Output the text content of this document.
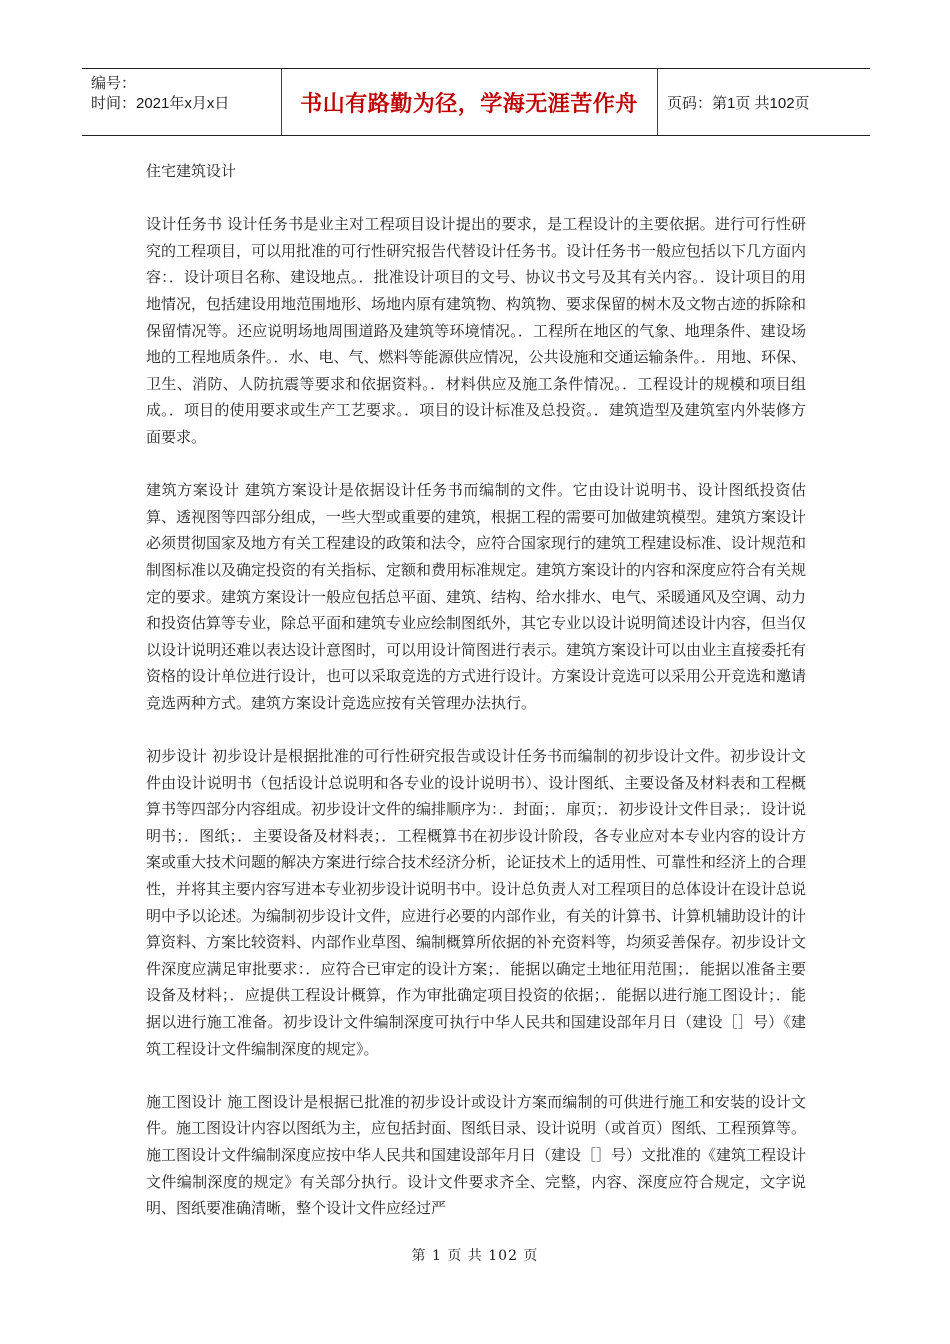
编号：
时间：2021年x月x日	书山有路勤为径，学海无涯苦作舟	页码：第1页 共102页

住宅建筑设计

设计任务书 设计任务书是业主对工程项目设计提出的要求，是工程设计的主要依据。进行可行性研究的工程项目，可以用批准的可行性研究报告代替设计任务书。设计任务书一般应包括以下几方面内容：．设计项目名称、建设地点。．批准设计项目的文号、协议书文号及其有关内容。．设计项目的用地情况，包括建设用地范围地形、场地内原有建筑物、构筑物、要求保留的树木及文物古迹的拆除和保留情况等。还应说明场地周围道路及建筑等环境情况。．工程所在地区的气象、地理条件、建设场地的工程地质条件。．水、电、气、燃料等能源供应情况，公共设施和交通运输条件。．用地、环保、卫生、消防、人防抗震等要求和依据资料。．材料供应及施工条件情况。．工程设计的规模和项目组成。．项目的使用要求或生产工艺要求。．项目的设计标准及总投资。．建筑造型及建筑室内外装修方面要求。

建筑方案设计 建筑方案设计是依据设计任务书而编制的文件。它由设计说明书、设计图纸投资估算、透视图等四部分组成，一些大型或重要的建筑，根据工程的需要可加做建筑模型。建筑方案设计必须贯彻国家及地方有关工程建设的政策和法令，应符合国家现行的建筑工程建设标准、设计规范和制图标准以及确定投资的有关指标、定额和费用标准规定。建筑方案设计的内容和深度应符合有关规定的要求。建筑方案设计一般应包括总平面、建筑、结构、给水排水、电气、采暖通风及空调、动力和投资估算等专业，除总平面和建筑专业应绘制图纸外，其它专业以设计说明简述设计内容，但当仅以设计说明还难以表达设计意图时，可以用设计简图进行表示。建筑方案设计可以由业主直接委托有资格的设计单位进行设计，也可以采取竞选的方式进行设计。方案设计竞选可以采用公开竞选和邀请竞选两种方式。建筑方案设计竞选应按有关管理办法执行。

初步设计 初步设计是根据批准的可行性研究报告或设计任务书而编制的初步设计文件。初步设计文件由设计说明书（包括设计总说明和各专业的设计说明书）、设计图纸、主要设备及材料表和工程概算书等四部分内容组成。初步设计文件的编排顺序为：．封面；．扉页；．初步设计文件目录；．设计说明书；．图纸；．主要设备及材料表；．工程概算书在初步设计阶段，各专业应对本专业内容的设计方案或重大技术问题的解决方案进行综合技术经济分析，论证技术上的适用性、可靠性和经济上的合理性，并将其主要内容写进本专业初步设计说明书中。设计总负责人对工程项目的总体设计在设计总说明中予以论述。为编制初步设计文件，应进行必要的内部作业，有关的计算书、计算机辅助设计的计算资料、方案比较资料、内部作业草图、编制概算所依据的补充资料等，均须妥善保存。初步设计文件深度应满足审批要求：．应符合已审定的设计方案；．能据以确定土地征用范围；．能据以准备主要设备及材料；．应提供工程设计概算，作为审批确定项目投资的依据；．能据以进行施工图设计；．能据以进行施工准备。初步设计文件编制深度可执行中华人民共和国建设部年月日（建设［］号）《建筑工程设计文件编制深度的规定》。

施工图设计 施工图设计是根据已批准的初步设计或设计方案而编制的可供进行施工和安装的设计文件。施工图设计内容以图纸为主，应包括封面、图纸目录、设计说明（或首页）图纸、工程预算等。施工图设计文件编制深度应按中华人民共和国建设部年月日（建设［］号）文批准的《建筑工程设计文件编制深度的规定》有关部分执行。设计文件要求齐全、完整，内容、深度应符合规定，文字说明、图纸要准确清晰，整个设计文件应经过严

第 1 页 共 102 页
